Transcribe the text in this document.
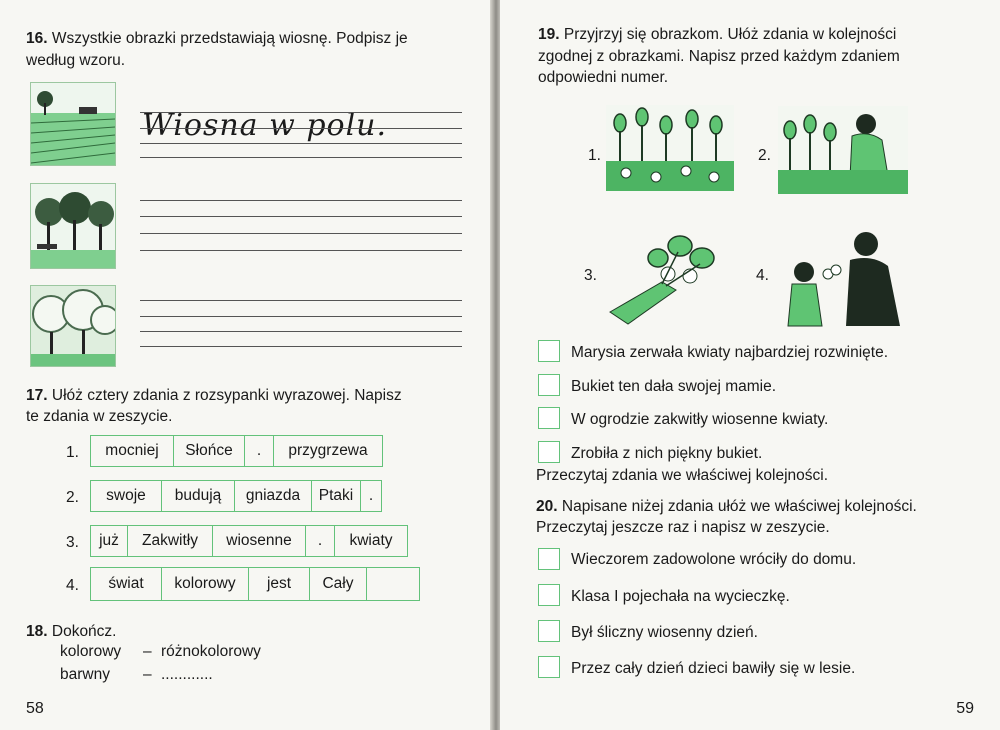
16. Wszystkie obrazki przedstawiają wiosnę. Podpisz je
według wzoru.
Wiosna w polu.
17. Ułóż cztery zdania z rozsypanki wyrazowej. Napisz
te zdania w zeszycie.
1.	mocniej	Słońce	.	przygrzewa
2.	swoje	budują	gniazda	Ptaki	.
3.	już	Zakwitły	wiosenne	.	kwiaty
4.	świat	kolorowy	jest	Cały
18. Dokończ.
kolorowy – różnokolorowy
barwny – ............
58
19. Przyjrzyj się obrazkom. Ułóż zdania w kolejności
zgodnej z obrazkami. Napisz przed każdym zdaniem
odpowiedni numer.
1.	2.
3.	4.
Marysia zerwała kwiaty najbardziej rozwinięte.
Bukiet ten dała swojej mamie.
W ogrodzie zakwitły wiosenne kwiaty.
Zrobiła z nich piękny bukiet.
Przeczytaj zdania we właściwej kolejności.
20. Napisane niżej zdania ułóż we właściwej kolejności.
Przeczytaj jeszcze raz i napisz w zeszycie.
Wieczorem zadowolone wróciły do domu.
Klasa I pojechała na wycieczkę.
Był śliczny wiosenny dzień.
Przez cały dzień dzieci bawiły się w lesie.
59
